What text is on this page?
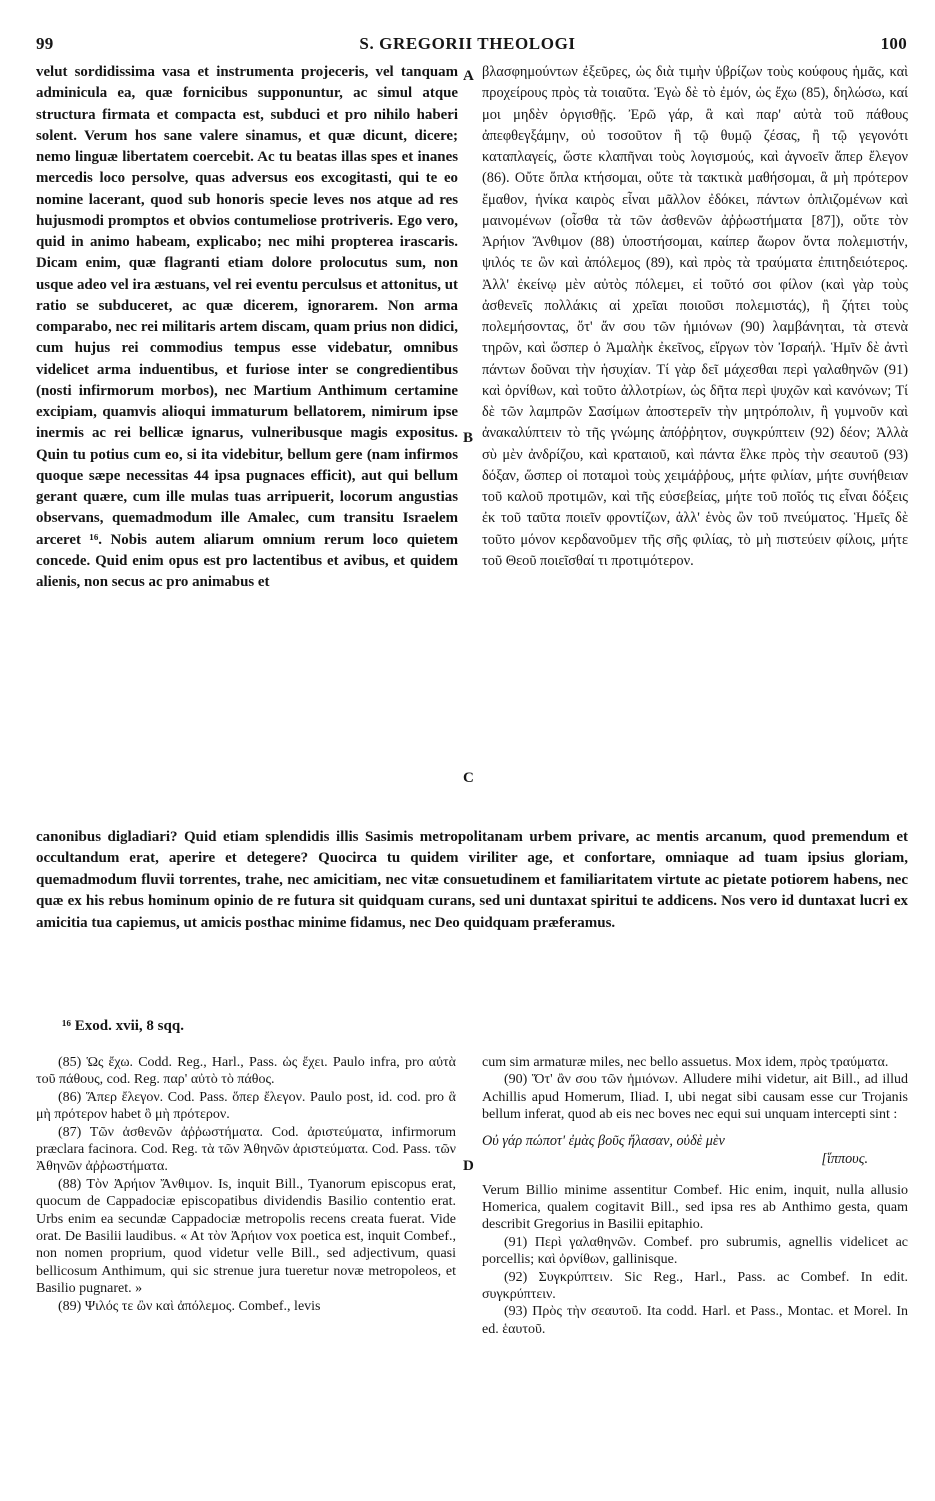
S. GREGORII THEOLOGI
99	100
velut sordidissima vasa et instrumenta projeceris, vel tanquam adminicula ea, quæ fornicibus supponuntur, ac simul atque structura firmata et compacta est, subduci et pro nihilo haberi solent. Verum hos sane valere sinamus, et quæ dicunt, dicere; nemo linguæ libertatem coercebit. Ac tu beatas illas spes et inanes mercedis loco persolve, quas adversus eos excogitasti, qui te eo nomine lacerant, quod sub honoris specie leves nos atque ad res hujusmodi promptos et obvios contumeliose protriveris. Ego vero, quid in animo habeam, explicabo; nec mihi propterea irascaris. Dicam enim, quæ flagranti etiam dolore prolocutus sum, non usque adeo vel ira æstuans, vel rei eventu perculsus et attonitus, ut ratio se subduceret, ac quæ dicerem, ignorarem. Non arma comparabo, nec rei militaris artem discam, quam prius non didici, cum hujus rei commodius tempus esse videbatur, omnibus videlicet arma induentibus, et furiose inter se congredientibus (nosti infirmorum morbos), nec Martium Anthimum certamine excipiam, quamvis alioqui immaturum bellatorem, nimirum ipse inermis ac rei bellicæ ignarus, vulneribusque magis expositus. Quin tu potius cum eo, si ita videbitur, bellum gere (nam infirmos quoque sæpe necessitas 44 ipsa pugnaces efficit), aut qui bellum gerant quære, cum ille mulas tuas arripuerit, locorum angustias observans, quemadmodum ille Amalec, cum transitu Israelem arceret ¹⁶. Nobis autem aliarum omnium rerum loco quietem concede. Quid enim opus est pro lactentibus et avibus, et quidem alienis, non secus ac pro animabus et
A
B
C
D
βλασφημούντων ἐξεῦρες, ὡς διὰ τιμὴν ὑβρίζων τοὺς κούφους ἡμᾶς, καὶ προχείρους πρὸς τὰ τοιαῦτα. Ἐγὼ δὲ τὸ ἐμόν, ὡς ἔχω (85), δηλώσω, καί μοι μηδὲν ὀργισθῇς. Ἐρῶ γάρ, ἃ καὶ παρ' αὐτὰ τοῦ πάθους ἀπεφθεγξάμην, οὐ τοσοῦτον ἢ τῷ θυμῷ ζέσας, ἢ τῷ γεγονότι καταπλαγείς, ὥστε κλαπῆναι τοὺς λογισμούς, καὶ ἀγνοεῖν ἅπερ ἔλεγον (86). Οὔτε ὅπλα κτήσομαι, οὔτε τὰ τακτικὰ μαθήσομαι, ἃ μὴ πρότερον ἔμαθον, ἡνίκα καιρὸς εἶναι μᾶλλον ἐδόκει, πάντων ὁπλιζομένων καὶ μαινομένων (οἶσθα τὰ τῶν ἀσθενῶν ἀῤῥωστήματα [87]), οὔτε τὸν Ἀρήιον Ἄνθιμον (88) ὑποστήσομαι, καίπερ ἄωρον ὄντα πολεμιστήν, ψιλός τε ὢν καὶ ἀπόλεμος (89), καὶ πρὸς τὰ τραύματα ἐπιτηδειότερος. Ἀλλ' ἐκείνῳ μὲν αὐτὸς πόλεμει, εἰ τοῦτό σοι φίλον (καὶ γὰρ τοὺς ἀσθενεῖς πολλάκις αἱ χρεῖαι ποιοῦσι πολεμιστάς), ἢ ζήτει τοὺς πολεμήσοντας, ὅτ' ἄν σου τῶν ἡμιόνων (90) λαμβάνηται, τὰ στενὰ τηρῶν, καὶ ὥσπερ ὁ Ἀμαλὴκ ἐκεῖνος, εἴργων τὸν Ἰσραήλ. Ἡμῖν δὲ ἀντὶ πάντων δοῦναι τὴν ἡσυχίαν. Τί γὰρ δεῖ μάχεσθαι περὶ γαλαθηνῶν (91) καὶ ὀρνίθων, καὶ τοῦτο ἀλλοτρίων, ὡς δῆτα περὶ ψυχῶν καὶ κανόνων; Τί δὲ τῶν λαμπρῶν Σασίμων ἀποστερεῖν τὴν μητρόπολιν, ἢ γυμνοῦν καὶ ἀνακαλύπτειν τὸ τῆς γνώμης ἀπόῤῥητον, συγκρύπτειν (92) δέον; Ἀλλὰ σὺ μὲν ἀνδρίζου, καὶ κραταιοῦ, καὶ πάντα ἕλκε πρὸς τὴν σεαυτοῦ (93) δόξαν, ὥσπερ οἱ ποταμοὶ τοὺς χειμάῤῥους, μήτε φιλίαν, μήτε συνήθειαν τοῦ καλοῦ προτιμῶν, καὶ τῆς εὐσεβείας, μήτε τοῦ ποῖός τις εἶναι δόξεις ἐκ τοῦ ταῦτα ποιεῖν φροντίζων, ἀλλ' ἑνὸς ὢν τοῦ πνεύματος. Ἡμεῖς δὲ τοῦτο μόνον κερδανοῦμεν τῆς σῆς φιλίας, τὸ μὴ πιστεύειν φίλοις, μήτε τοῦ Θεοῦ ποιεῖσθαί τι προτιμότερον.
canonibus digladiari? Quid etiam splendidis illis Sasimis metropolitanam urbem privare, ac mentis arcanum, quod premendum et occultandum erat, aperire et detegere? Quocirca tu quidem viriliter age, et confortare, omniaque ad tuam ipsius gloriam, quemadmodum fluvii torrentes, trahe, nec amicitiam, nec vitæ consuetudinem et familiaritatem virtute ac pietate potiorem habens, nec quæ ex his rebus hominum opinio de re futura sit quidquam curans, sed uni duntaxat spiritui te addicens. Nos vero id duntaxat lucri ex amicitia tua capiemus, ut amicis posthac minime fidamus, nec Deo quidquam præferamus.
¹⁶ Exod. xvii, 8 sqq.

(85) Ὡς ἔχω. Codd. Reg., Harl., Pass. ὡς ἔχει. Paulo infra, pro αὐτὰ τοῦ πάθους, cod. Reg. παρ' αὐτὸ τὸ πάθος.

(86) Ἅπερ ἔλεγον. Cod. Pass. ὅπερ ἔλεγον. Paulo post, id. cod. pro ἃ μὴ πρότερον habet ὃ μὴ πρότερον.

(87) Τῶν ἀσθενῶν ἀῤῥωστήματα. Cod. ἀριστεύματα, infirmorum præclara facinora. Cod. Reg. τὰ τῶν Ἀθηνῶν ἀριστεύματα. Cod. Pass. τῶν Ἀθηνῶν ἀῤῥωστήματα.

(88) Τὸν Ἀρήιον Ἄνθιμον. Is, inquit Bill., Tyanorum episcopus erat, quocum de Cappadociæ episcopatibus dividendis Basilio contentio erat. Urbs enim ea secundæ Cappadociæ metropolis recens creata fuerat. Vide orat. De Basilii laudibus. « At τὸν Ἀρήιον vox poetica est, inquit Combef., non nomen proprium, quod videtur velle Bill., sed adjectivum, quasi bellicosum Anthimum, qui sic strenue jura tueretur novæ metropoleos, et Basilio pugnaret. »

(89) Ψιλός τε ὢν καὶ ἀπόλεμος. Combef., levis

cum sim armaturæ miles, nec bello assuetus. Mox idem, πρὸς τραύματα.

(90) Ὅτ' ἂν σου τῶν ἡμιόνων. Alludere mihi videtur, ait Bill., ad illud Achillis apud Homerum, Iliad. I, ubi negat sibi causam esse cur Trojanis bellum inferat, quod ab eis nec boves nec equi sui unquam intercepti sint :

Οὐ γάρ πώποτ' ἐμὰς βοῦς ἤλασαν, οὐδὲ μὲν
[ἵππους.

Verum Billio minime assentitur Combef. Hic enim, inquit, nulla allusio Homerica, qualem cogitavit Bill., sed ipsa res ab Anthimo gesta, quam describit Gregorius in Basilii epitaphio.

(91) Περὶ γαλαθηνῶν. Combef. pro subrumis, agnellis videlicet ac porcellis; καὶ ὀρνίθων, gallinisque.

(92) Συγκρύπτειν. Sic Reg., Harl., Pass. ac Combef. In edit. συγκρύπτειν.

(93) Πρὸς τὴν σεαυτοῦ. Ita codd. Harl. et Pass., Montac. et Morel. In ed. ἑαυτοῦ.
